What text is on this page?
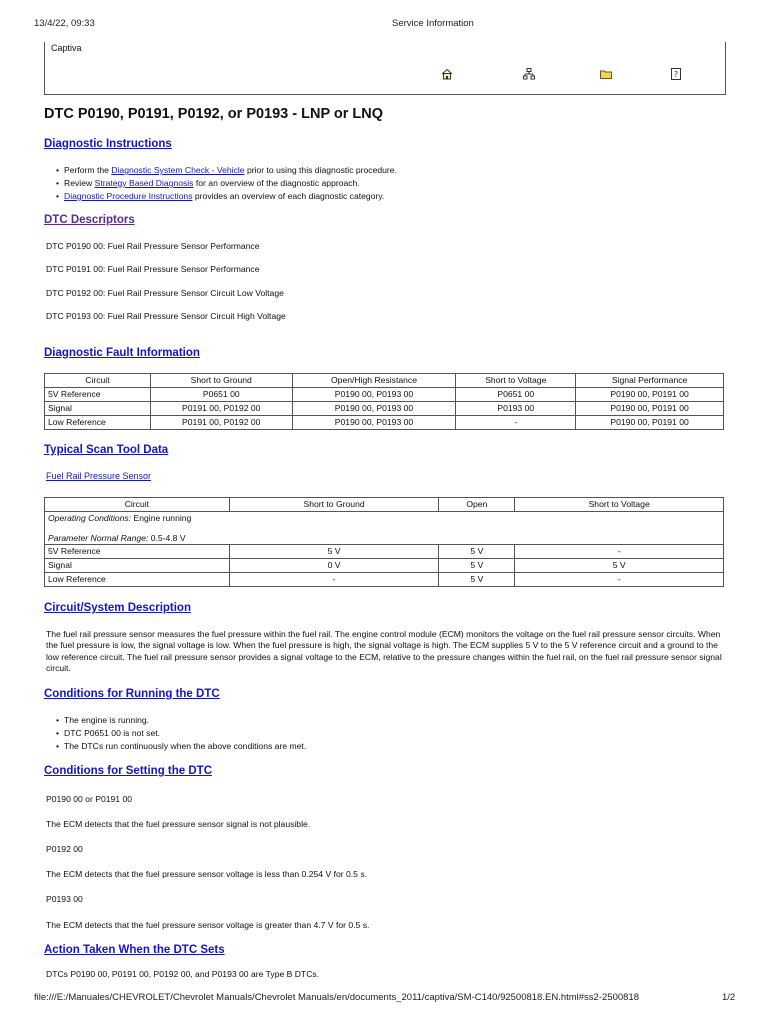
13/4/22, 09:33	Service Information
file:///E:/Manuales/CHEVROLET/Chevrolet Manuals/Chevrolet Manuals/en/documents_2011/captiva/SM-C140/92500818.EN.html#ss2-2500818	1/2
Captiva
?
DTC P0190, P0191, P0192, or P0193 - LNP or LNQ
Diagnostic Instructions
• Perform the Diagnostic System Check - Vehicle prior to using this diagnostic procedure.
• Review Strategy Based Diagnosis for an overview of the diagnostic approach.
• Diagnostic Procedure Instructions provides an overview of each diagnostic category.
DTC Descriptors
DTC P0190 00: Fuel Rail Pressure Sensor Performance
DTC P0191 00: Fuel Rail Pressure Sensor Performance
DTC P0192 00: Fuel Rail Pressure Sensor Circuit Low Voltage
DTC P0193 00: Fuel Rail Pressure Sensor Circuit High Voltage
Diagnostic Fault Information
Circuit	Short to Ground	Open/High Resistance	Short to Voltage	Signal Performance
5V Reference	P0651 00	P0190 00, P0193 00	P0651 00	P0190 00, P0191 00
Signal	P0191 00, P0192 00	P0190 00, P0193 00	P0193 00	P0190 00, P0191 00
Low Reference	P0191 00, P0192 00	P0190 00, P0193 00	-	P0190 00, P0191 00
Typical Scan Tool Data
Fuel Rail Pressure Sensor
Circuit	Short to Ground	Open	Short to Voltage

Operating Conditions: Engine running
Parameter Normal Range: 0.5-4.8 V			

5V Reference	5 V	5 V	-
Signal	0 V	5 V	5 V
Low Reference	-	5 V	-
Circuit/System Description

The fuel rail pressure sensor measures the fuel pressure within the fuel rail. The engine control module (ECM) monitors the voltage on the fuel rail pressure sensor circuits. When the fuel pressure is low, the signal voltage is low. When the fuel pressure is high, the signal voltage is high. The ECM supplies 5 V to the 5 V reference circuit and a ground to the low reference circuit. The fuel rail pressure sensor provides a signal voltage to the ECM, relative to the pressure changes within the fuel rail, on the fuel rail pressure sensor signal circuit.

Conditions for Running the DTC
• The engine is running.
• DTC P0651 00 is not set.
• The DTCs run continuously when the above conditions are met.
Conditions for Setting the DTC
P0190 00 or P0191 00
The ECM detects that the fuel pressure sensor signal is not plausible.
P0192 00
The ECM detects that the fuel pressure sensor voltage is less than 0.254 V for 0.5 s.
P0193 00
The ECM detects that the fuel pressure sensor voltage is greater than 4.7 V for 0.5 s.
Action Taken When the DTC Sets
DTCs P0190 00, P0191 00, P0192 00, and P0193 00 are Type B DTCs.
